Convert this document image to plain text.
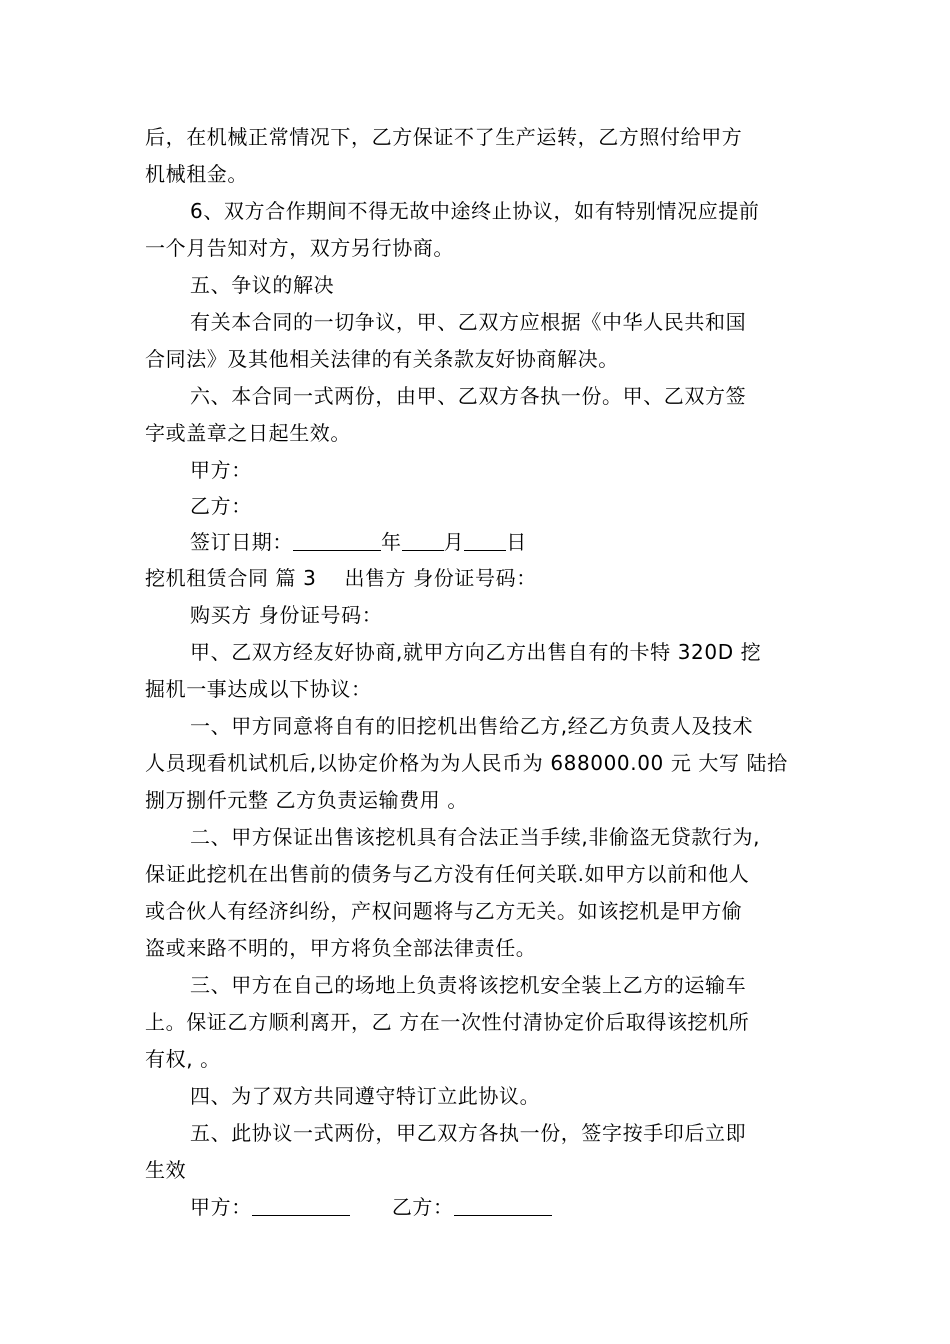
后，在机械正常情况下，乙方保证不了生产运转，乙方照付给甲方
机械租金。
6、双方合作期间不得无故中途终止协议，如有特别情况应提前
一个月告知对方，双方另行协商。
五、争议的解决
有关本合同的一切争议，甲、乙双方应根据《中华人民共和国
合同法》及其他相关法律的有关条款友好协商解决。
六、本合同一式两份，由甲、乙双方各执一份。甲、乙双方签
字或盖章之日起生效。
甲方：
乙方：
签订日期：	年 月 日
挖机租赁合同 篇 3 出售方 身份证号码：
购买方 身份证号码：
甲、乙双方经友好协商,就甲方向乙方出售自有的卡特 320D 挖
掘机一事达成以下协议：
一、甲方同意将自有的旧挖机出售给乙方,经乙方负责人及技术
人员现看机试机后,以协定价格为为人民币为 688000.00 元 大写 陆拾
捌万捌仟元整 乙方负责运输费用 。
二、甲方保证出售该挖机具有合法正当手续,非偷盗无贷款行为,
保证此挖机在出售前的债务与乙方没有任何关联.如甲方以前和他人
或合伙人有经济纠纷，产权问题将与乙方无关。如该挖机是甲方偷
盗或来路不明的，甲方将负全部法律责任。
三、甲方在自己的场地上负责将该挖机安全装上乙方的运输车
上。保证乙方顺利离开，乙 方在一次性付清协定价后取得该挖机所
有权, 。
四、为了双方共同遵守特订立此协议。
五、此协议一式两份，甲乙双方各执一份，签字按手印后立即
生效
甲方：	乙方：
